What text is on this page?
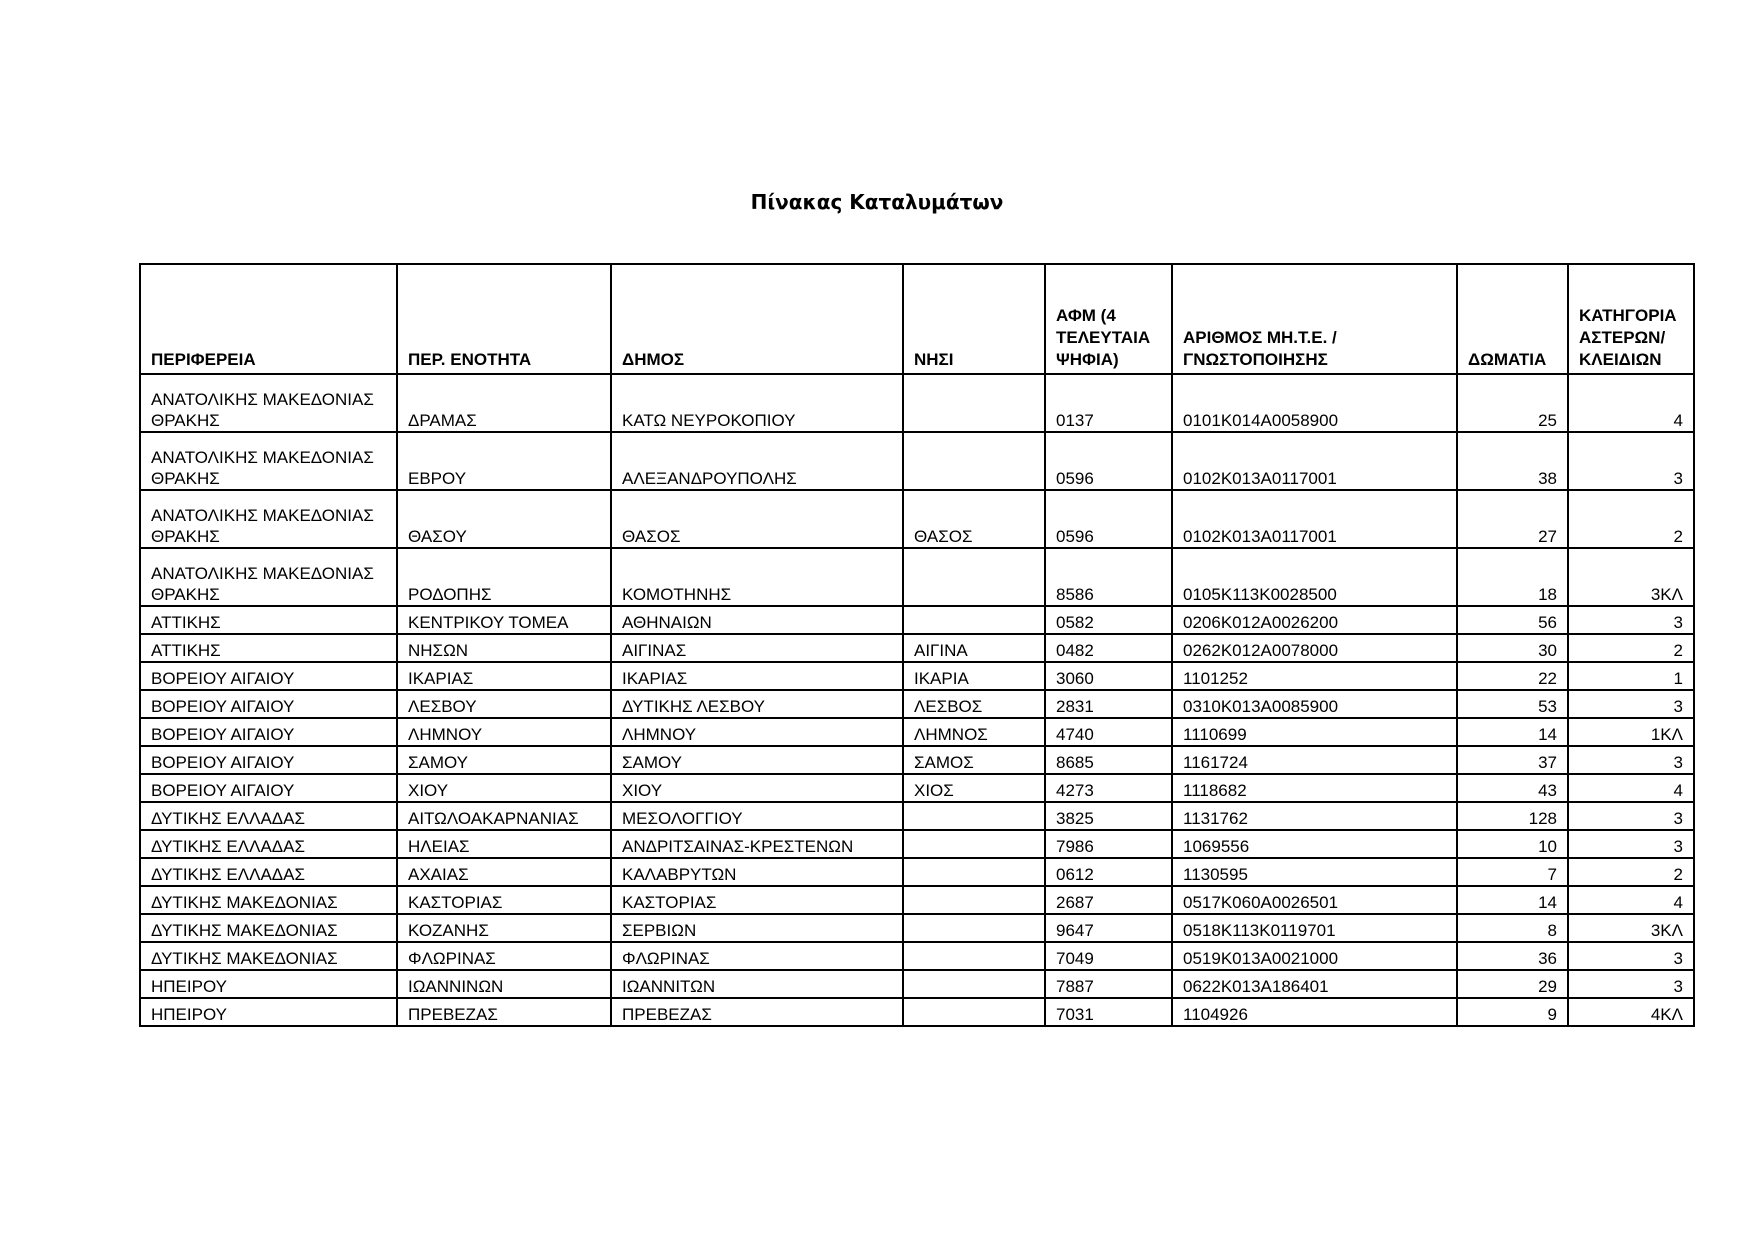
Πίνακας Καταλυμάτων
ΠΕΡΙΦΕΡΕΙΑ	ΠΕΡ. ΕΝΟΤΗΤΑ	ΔΗΜΟΣ	ΝΗΣΙ	ΑΦΜ (4 ΤΕΛΕΥΤΑΙΑ ΨΗΦΙΑ)	ΑΡΙΘΜΟΣ ΜΗ.Τ.Ε. / ΓΝΩΣΤΟΠΟΙΗΣΗΣ	ΔΩΜΑΤΙΑ	ΚΑΤΗΓΟΡΙΑ ΑΣΤΕΡΩΝ/ ΚΛΕΙΔΙΩΝ
ΑΝΑΤΟΛΙΚΗΣ ΜΑΚΕΔΟΝΙΑΣ ΘΡΑΚΗΣ	ΔΡΑΜΑΣ	ΚΑΤΩ ΝΕΥΡΟΚΟΠΙΟΥ		0137	0101K014A0058900	25	4
ΑΝΑΤΟΛΙΚΗΣ ΜΑΚΕΔΟΝΙΑΣ ΘΡΑΚΗΣ	ΕΒΡΟΥ	ΑΛΕΞΑΝΔΡΟΥΠΟΛΗΣ		0596	0102K013A0117001	38	3
ΑΝΑΤΟΛΙΚΗΣ ΜΑΚΕΔΟΝΙΑΣ ΘΡΑΚΗΣ	ΘΑΣΟΥ	ΘΑΣΟΣ	ΘΑΣΟΣ	0596	0102K013A0117001	27	2
ΑΝΑΤΟΛΙΚΗΣ ΜΑΚΕΔΟΝΙΑΣ ΘΡΑΚΗΣ	ΡΟΔΟΠΗΣ	ΚΟΜΟΤΗΝΗΣ		8586	0105K113K0028500	18	3ΚΛ
ΑΤΤΙΚΗΣ	ΚΕΝΤΡΙΚΟΥ ΤΟΜΕΑ	ΑΘΗΝΑΙΩΝ		0582	0206K012A0026200	56	3
ΑΤΤΙΚΗΣ	ΝΗΣΩΝ	ΑΙΓΙΝΑΣ	ΑΙΓΙΝΑ	0482	0262K012A0078000	30	2
ΒΟΡΕΙΟΥ ΑΙΓΑΙΟΥ	ΙΚΑΡΙΑΣ	ΙΚΑΡΙΑΣ	ΙΚΑΡΙΑ	3060	1101252	22	1
ΒΟΡΕΙΟΥ ΑΙΓΑΙΟΥ	ΛΕΣΒΟΥ	ΔΥΤΙΚΗΣ ΛΕΣΒΟΥ	ΛΕΣΒΟΣ	2831	0310K013A0085900	53	3
ΒΟΡΕΙΟΥ ΑΙΓΑΙΟΥ	ΛΗΜΝΟΥ	ΛΗΜΝΟΥ	ΛΗΜΝΟΣ	4740	1110699	14	1ΚΛ
ΒΟΡΕΙΟΥ ΑΙΓΑΙΟΥ	ΣΑΜΟΥ	ΣΑΜΟΥ	ΣΑΜΟΣ	8685	1161724	37	3
ΒΟΡΕΙΟΥ ΑΙΓΑΙΟΥ	ΧΙΟΥ	ΧΙΟΥ	ΧΙΟΣ	4273	1118682	43	4
ΔΥΤΙΚΗΣ ΕΛΛΑΔΑΣ	ΑΙΤΩΛΟΑΚΑΡΝΑΝΙΑΣ	ΜΕΣΟΛΟΓΓΙΟΥ		3825	1131762	128	3
ΔΥΤΙΚΗΣ ΕΛΛΑΔΑΣ	ΗΛΕΙΑΣ	ΑΝΔΡΙΤΣΑΙΝΑΣ-ΚΡΕΣΤΕΝΩΝ		7986	1069556	10	3
ΔΥΤΙΚΗΣ ΕΛΛΑΔΑΣ	ΑΧΑΙΑΣ	ΚΑΛΑΒΡΥΤΩΝ		0612	1130595	7	2
ΔΥΤΙΚΗΣ ΜΑΚΕΔΟΝΙΑΣ	ΚΑΣΤΟΡΙΑΣ	ΚΑΣΤΟΡΙΑΣ		2687	0517K060A0026501	14	4
ΔΥΤΙΚΗΣ ΜΑΚΕΔΟΝΙΑΣ	ΚΟΖΑΝΗΣ	ΣΕΡΒΙΩΝ		9647	0518K113K0119701	8	3ΚΛ
ΔΥΤΙΚΗΣ ΜΑΚΕΔΟΝΙΑΣ	ΦΛΩΡΙΝΑΣ	ΦΛΩΡΙΝΑΣ		7049	0519K013A0021000	36	3
ΗΠΕΙΡΟΥ	ΙΩΑΝΝΙΝΩΝ	ΙΩΑΝΝΙΤΩΝ		7887	0622K013A186401	29	3
ΗΠΕΙΡΟΥ	ΠΡΕΒΕΖΑΣ	ΠΡΕΒΕΖΑΣ		7031	1104926	9	4ΚΛ
